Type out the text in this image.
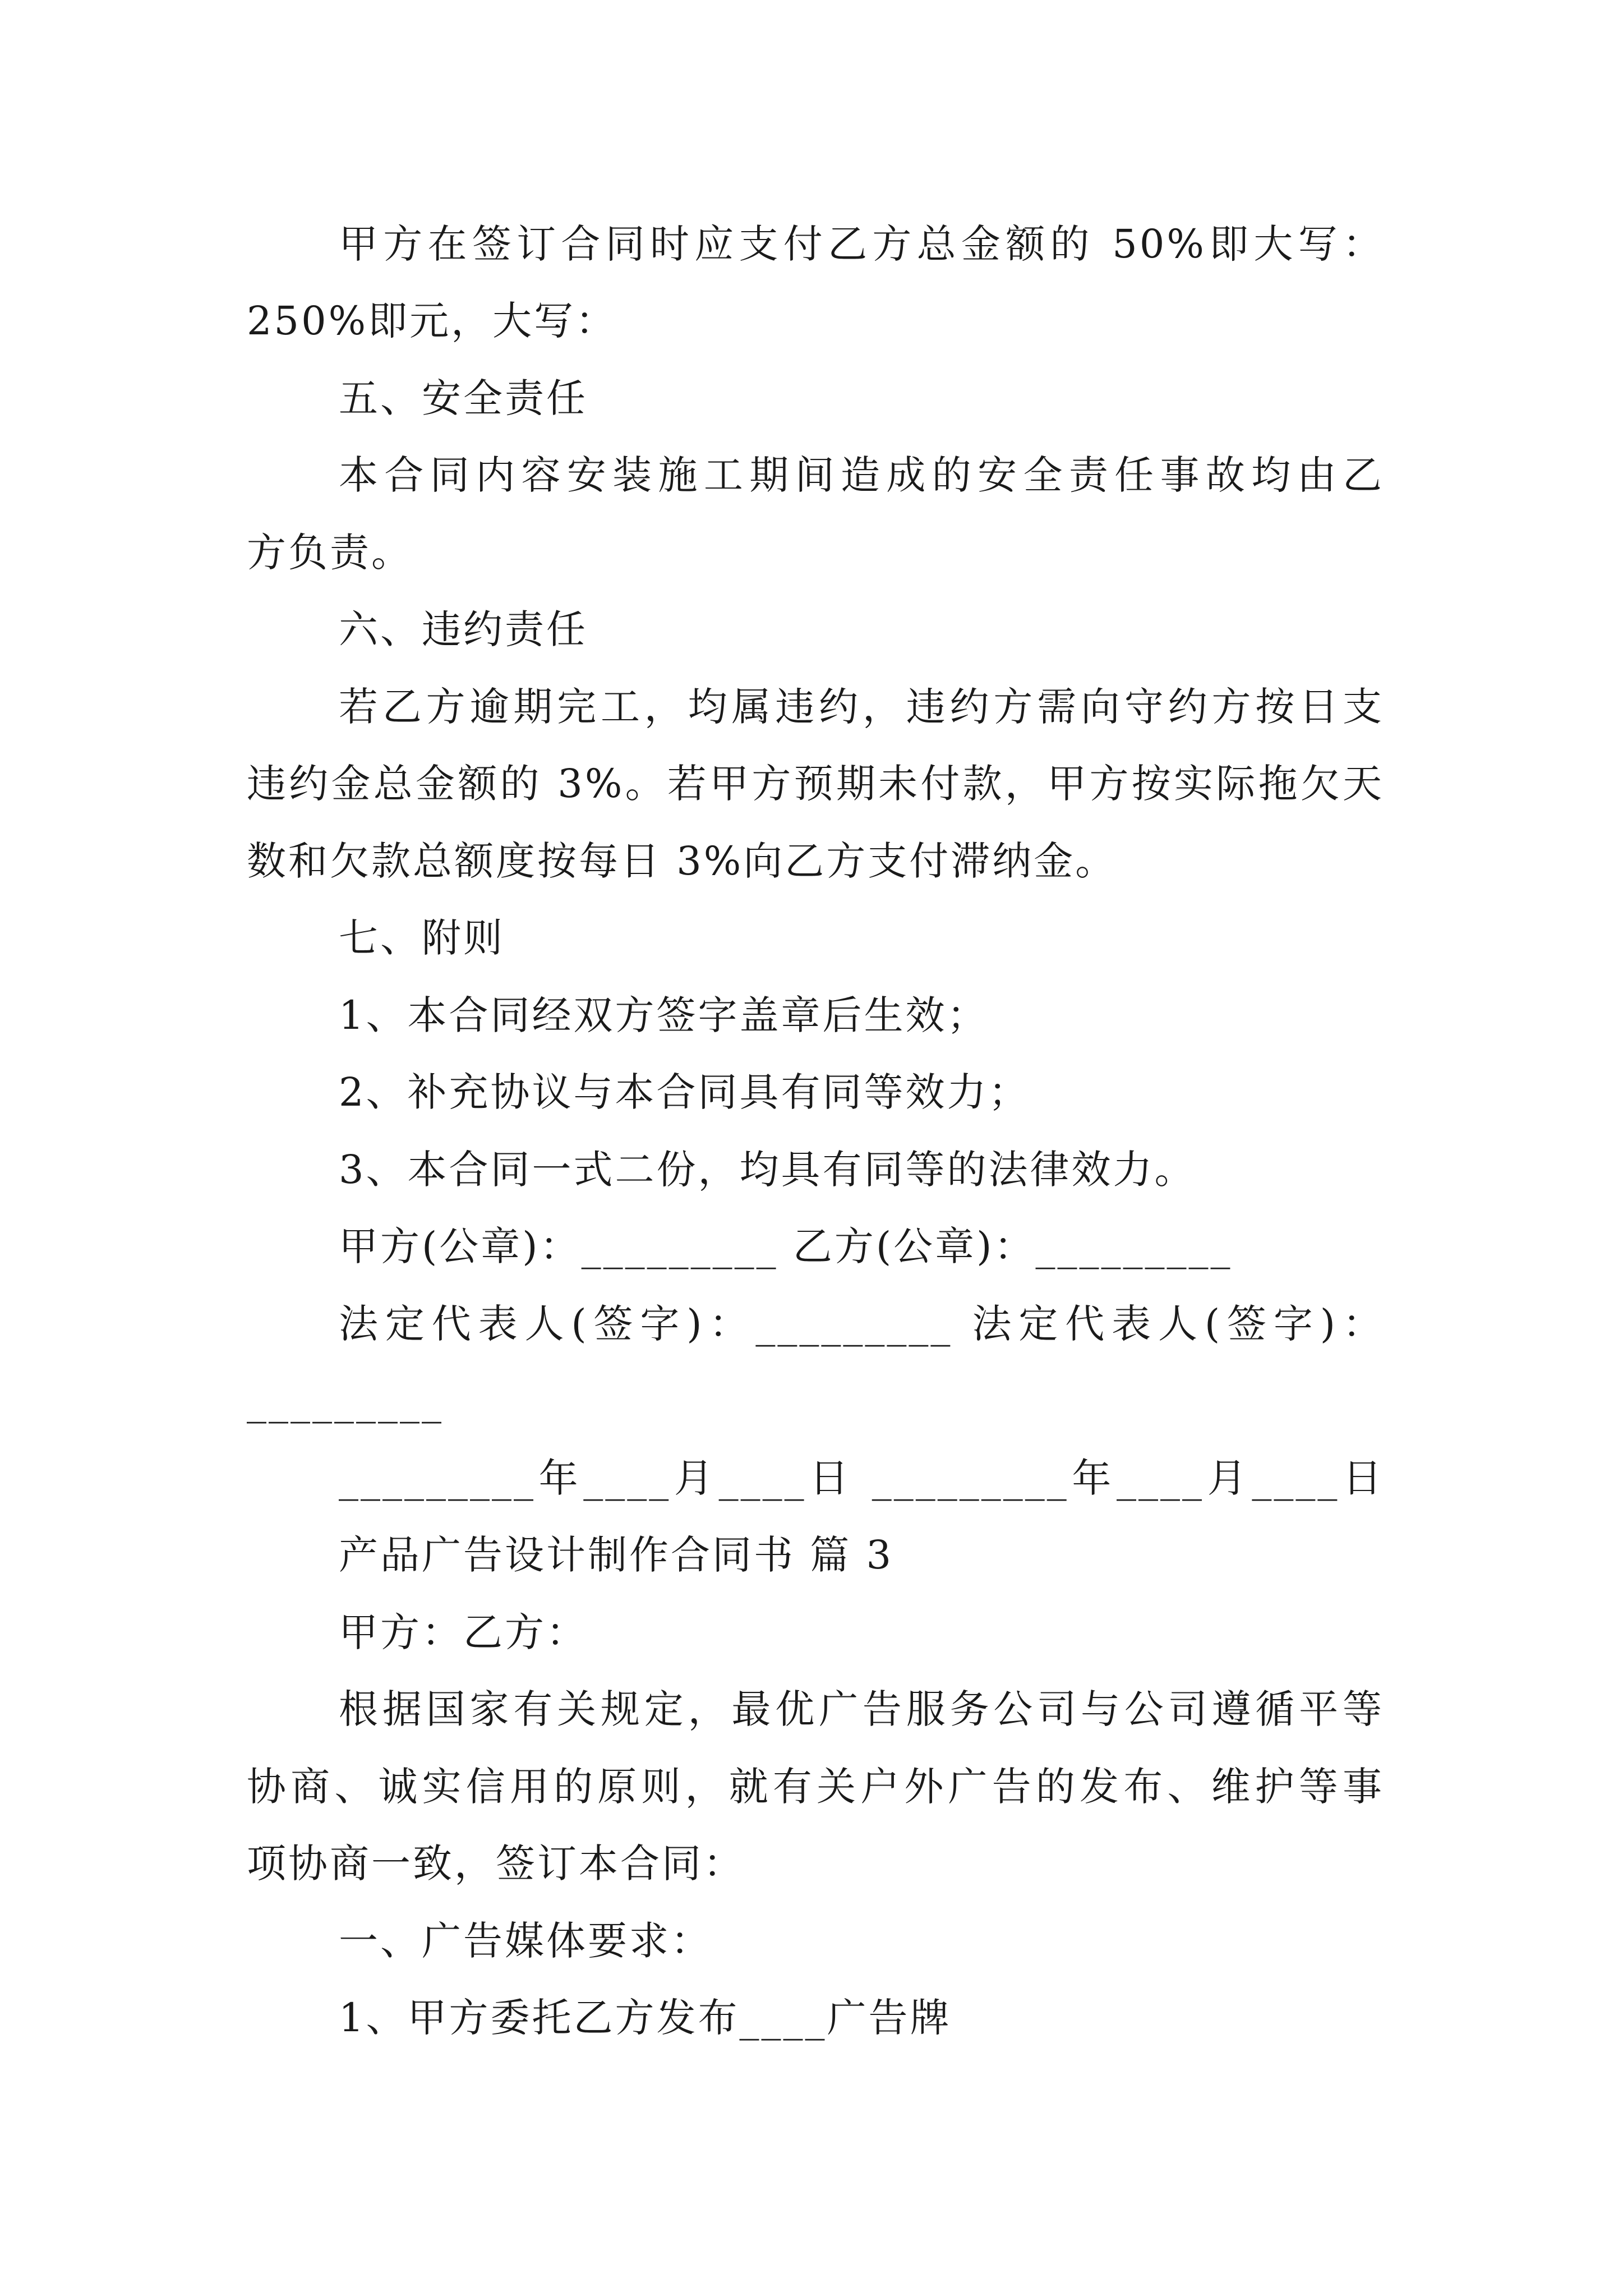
甲方在签订合同时应支付乙方总金额的 50%即大写：
250%即元，大写：
五、安全责任
本合同内容安装施工期间造成的安全责任事故均由乙
方负责。
六、违约责任
若乙方逾期完工，均属违约，违约方需向守约方按日支
违约金总金额的 3%。若甲方预期未付款，甲方按实际拖欠天
数和欠款总额度按每日 3%向乙方支付滞纳金。
七、附则
1、本合同经双方签字盖章后生效；
2、补充协议与本合同具有同等效力；
3、本合同一式二份，均具有同等的法律效力。
甲方(公章)：_________ 乙方(公章)：_________
法定代表人(签字)：_________ 法定代表人(签字)：
_________
_________年____月____日 _________年____月____日
产品广告设计制作合同书 篇 3
甲方：乙方：
根据国家有关规定，最优广告服务公司与公司遵循平等
协商、诚实信用的原则，就有关户外广告的发布、维护等事
项协商一致，签订本合同：
一、广告媒体要求：
1、甲方委托乙方发布____广告牌
